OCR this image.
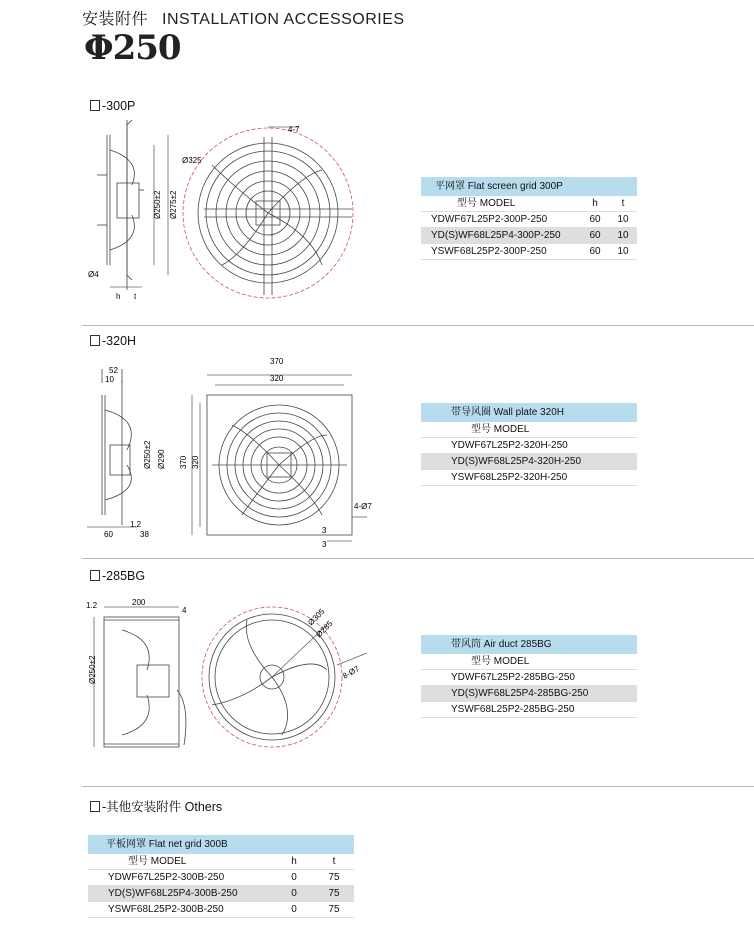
安装附件 INSTALLATION ACCESSORIES
Φ250
-300P
Ø250±2 Ø275±2
Ø325
Ø4
h t
4-7
平网罩 Flat screen grid 300P
型号 MODEL	h	t
YDWF67L25P2-300P-250	60	10
YD(S)WF68L25P4-300P-250	60	10
YSWF68L25P2-300P-250	60	10
-320H
52
10
Ø250±2 Ø290
1.2
60	38
370
320
370 320
4-Ø7
3
3
带导风圈 Wall plate 320H
型号 MODEL
YDWF67L25P2-320H-250
YD(S)WF68L25P4-320H-250
YSWF68L25P2-320H-250
-285BG
1.2	200
4
Ø250±2
Ø305
Ø285
8-Ø7
带风筒 Air duct 285BG
型号 MODEL
YDWF67L25P2-285BG-250
YD(S)WF68L25P4-285BG-250
YSWF68L25P2-285BG-250
-其他安装附件 Others
平板网罩 Flat net grid 300B
型号 MODEL	h	t
YDWF67L25P2-300B-250	0	75
YD(S)WF68L25P4-300B-250	0	75
YSWF68L25P2-300B-250	0	75
